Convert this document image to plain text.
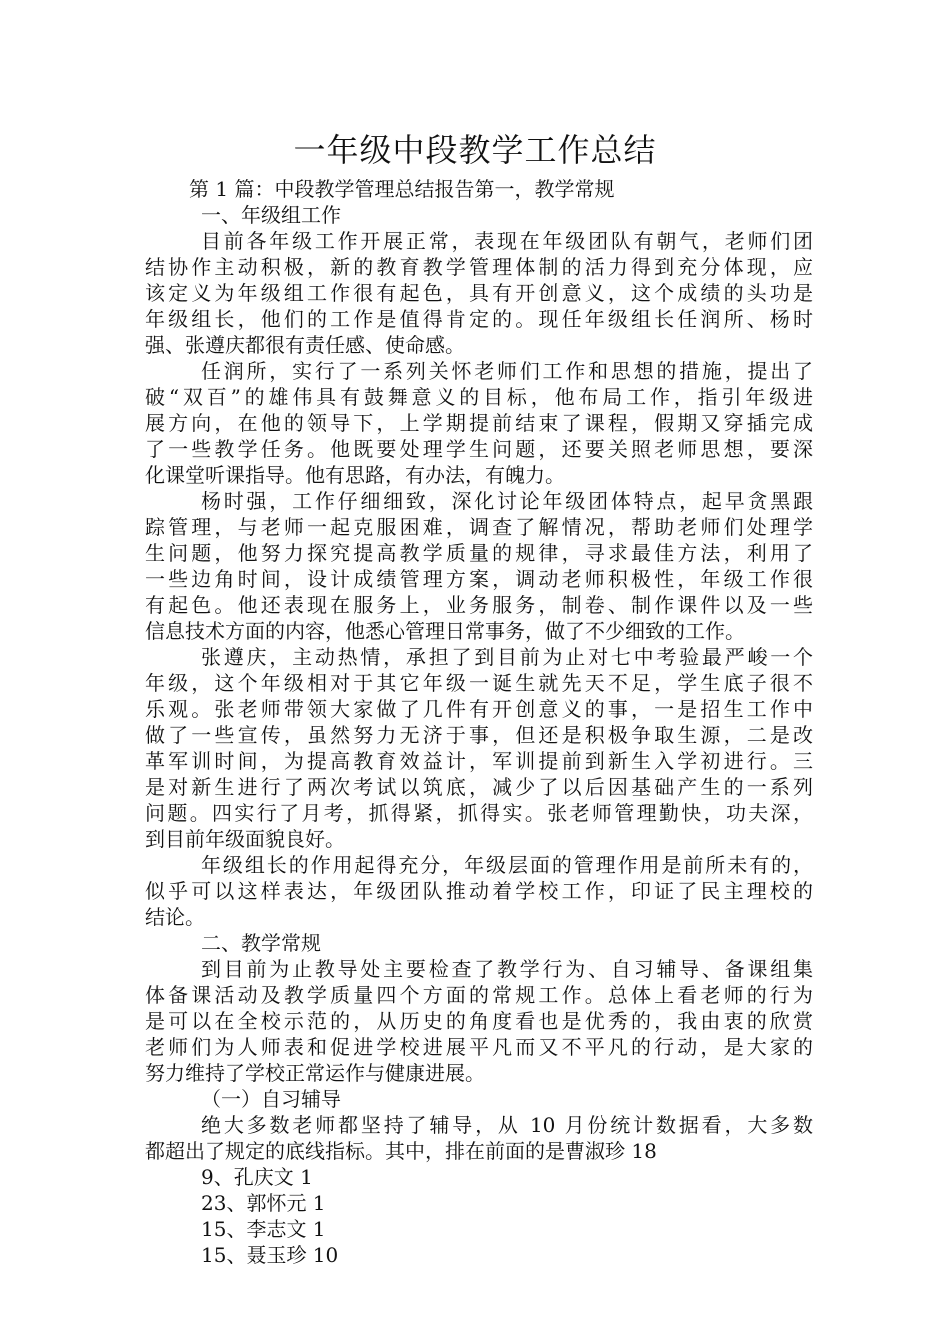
一年级中段教学工作总结
第 1 篇：中段教学管理总结报告第一，教学常规
一、年级组工作
目前各年级工作开展正常，表现在年级团队有朝气，老师们团
结协作主动积极，新的教育教学管理体制的活力得到充分体现，应
该定义为年级组工作很有起色，具有开创意义，这个成绩的头功是
年级组长，他们的工作是值得肯定的。现任年级组长任润所、杨时
强、张遵庆都很有责任感、使命感。
任润所，实行了一系列关怀老师们工作和思想的措施，提出了
破“双百”的雄伟具有鼓舞意义的目标，他布局工作，指引年级进
展方向，在他的领导下，上学期提前结束了课程，假期又穿插完成
了一些教学任务。他既要处理学生问题，还要关照老师思想，要深
化课堂听课指导。他有思路，有办法，有魄力。
杨时强，工作仔细细致，深化讨论年级团体特点，起早贪黑跟
踪管理，与老师一起克服困难，调查了解情况，帮助老师们处理学
生问题，他努力探究提高教学质量的规律，寻求最佳方法，利用了
一些边角时间，设计成绩管理方案，调动老师积极性，年级工作很
有起色。他还表现在服务上，业务服务，制卷、制作课件以及一些
信息技术方面的内容，他悉心管理日常事务，做了不少细致的工作。
张遵庆，主动热情，承担了到目前为止对七中考验最严峻一个
年级，这个年级相对于其它年级一诞生就先天不足，学生底子很不
乐观。张老师带领大家做了几件有开创意义的事，一是招生工作中
做了一些宣传，虽然努力无济于事，但还是积极争取生源，二是改
革军训时间，为提高教育效益计，军训提前到新生入学初进行。三
是对新生进行了两次考试以筑底，减少了以后因基础产生的一系列
问题。四实行了月考，抓得紧，抓得实。张老师管理勤快，功夫深，
到目前年级面貌良好。
年级组长的作用起得充分，年级层面的管理作用是前所未有的，
似乎可以这样表达，年级团队推动着学校工作，印证了民主理校的
结论。
二、教学常规
到目前为止教导处主要检查了教学行为、自习辅导、备课组集
体备课活动及教学质量四个方面的常规工作。总体上看老师的行为
是可以在全校示范的，从历史的角度看也是优秀的，我由衷的欣赏
老师们为人师表和促进学校进展平凡而又不平凡的行动，是大家的
努力维持了学校正常运作与健康进展。
（一）自习辅导
绝大多数老师都坚持了辅导，从 10 月份统计数据看，大多数
都超出了规定的底线指标。其中，排在前面的是曹淑珍 18
9、孔庆文 1
23、郭怀元 1
15、李志文 1
15、聂玉珍 10
